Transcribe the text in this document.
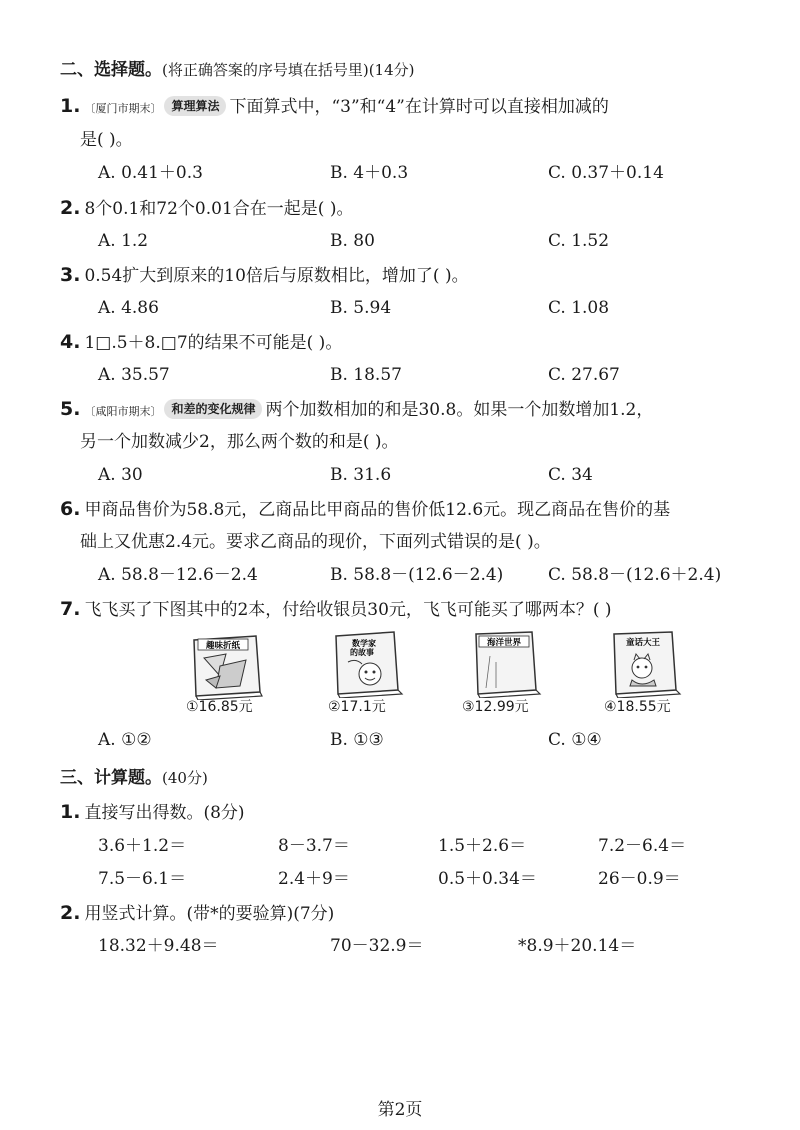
二、选择题。(将正确答案的序号填在括号里)(14分)
1. 〔厦门市期末〕 算理算法 下面算式中，“3”和“4”在计算时可以直接相加减的
是( )。
A. 0.41＋0.3	B. 4＋0.3	C. 0.37＋0.14
2. 8个0.1和72个0.01合在一起是( )。
A. 1.2	B. 80	C. 1.52
3. 0.54扩大到原来的10倍后与原数相比，增加了( )。
A. 4.86	B. 5.94	C. 1.08
4. 1□.5＋8.□7的结果不可能是( )。
A. 35.57	B. 18.57	C. 27.67
5. 〔咸阳市期末〕 和差的变化规律 两个加数相加的和是30.8。如果一个加数增加1.2，
另一个加数减少2，那么两个数的和是( )。
A. 30	B. 31.6	C. 34
6. 甲商品售价为58.8元，乙商品比甲商品的售价低12.6元。现乙商品在售价的基
础上又优惠2.4元。要求乙商品的现价，下面列式错误的是( )。
A. 58.8－12.6－2.4	B. 58.8－(12.6－2.4)	C. 58.8－(12.6＋2.4)
7. 飞飞买了下图其中的2本，付给收银员30元，飞飞可能买了哪两本？( )
趣味折纸
①16.85元
数学家的故事
②17.1元
海洋世界
③12.99元
童话大王
④18.55元
A. ①②	B. ①③	C. ①④
三、计算题。(40分)
1. 直接写出得数。(8分)
3.6＋1.2＝	8－3.7＝	1.5＋2.6＝	7.2－6.4＝
7.5－6.1＝	2.4＋9＝	0.5＋0.34＝	26－0.9＝
2. 用竖式计算。(带*的要验算)(7分)
18.32＋9.48＝	70－32.9＝	*8.9＋20.14＝
第2页
